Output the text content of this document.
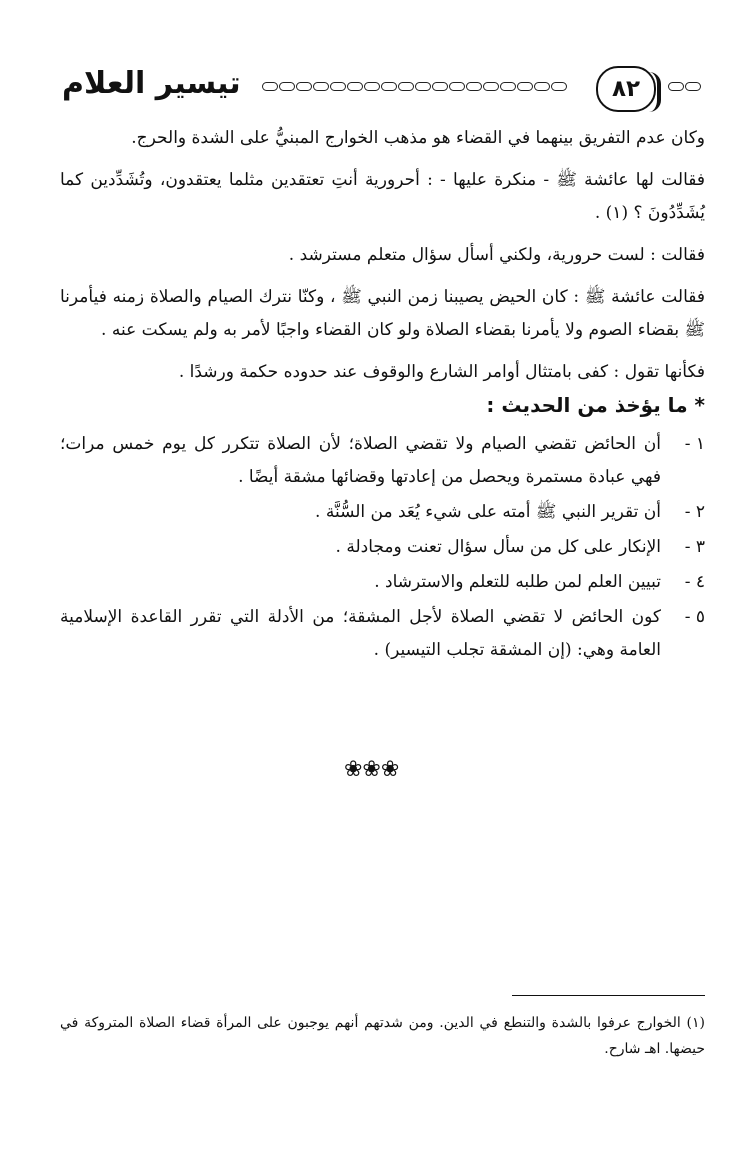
تيسير العلام	٨٢

وكان عدم التفريق بينهما في القضاء هو مذهب الخوارج المبنيُّ على الشدة والحرج.

فقالت لها عائشة ﷺ - منكرة عليها - : أحرورية أنتِ تعتقدين مثلما يعتقدون، وتُشَدِّدين كما يُشَدِّدُونَ ؟ (١) .

فقالت : لست حرورية، ولكني أسأل سؤال متعلم مسترشد .

فقالت عائشة ﷺ : كان الحيض يصيبنا زمن النبي ﷺ ، وكنّا نترك الصيام والصلاة زمنه فيأمرنا ﷺ بقضاء الصوم ولا يأمرنا بقضاء الصلاة ولو كان القضاء واجبًا لأمر به ولم يسكت عنه .

فكأنها تقول : كفى بامتثال أوامر الشارع والوقوف عند حدوده حكمة ورشدًا .

* ما يؤخذ من الحديث :
١ -
أن الحائض تقضي الصيام ولا تقضي الصلاة؛ لأن الصلاة تتكرر كل يوم خمس مرات؛ فهي عبادة مستمرة ويحصل من إعادتها وقضائها مشقة أيضًا .
٢ -
أن تقرير النبي ﷺ أمته على شيء يُعَد من السُّنَّة .
٣ -
الإنكار على كل من سأل سؤال تعنت ومجادلة .
٤ -
تبيين العلم لمن طلبه للتعلم والاسترشاد .
٥ -
كون الحائض لا تقضي الصلاة لأجل المشقة؛ من الأدلة التي تقرر القاعدة الإسلامية العامة وهي: (إن المشقة تجلب التيسير) .
❀❀❀
(١) الخوارج عرفوا بالشدة والتنطع في الدين. ومن شدتهم أنهم يوجبون على المرأة قضاء الصلاة المتروكة في حيضها. اهـ شارح.
